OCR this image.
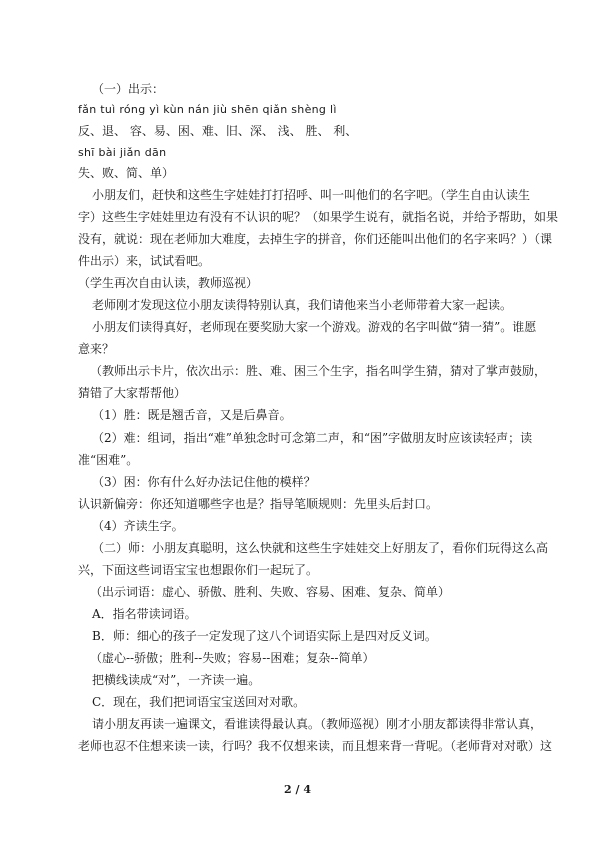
（一）出示：
fǎn tuì róng yì kùn nán jiù shēn qiǎn shèng lì
反、退、 容、易、困、难、旧、深、 浅、 胜、 利、
shī bài jiǎn dān
失、败、简、单）
小朋友们，赶快和这些生字娃娃打打招呼、叫一叫他们的名字吧。（学生自由认读生
字）这些生字娃娃里边有没有不认识的呢？（如果学生说有，就指名说，并给予帮助，如果
没有，就说：现在老师加大难度，去掉生字的拼音，你们还能叫出他们的名字来吗？）（课
件出示）来，试试看吧。
（学生再次自由认读，教师巡视）
老师刚才发现这位小朋友读得特别认真，我们请他来当小老师带着大家一起读。
小朋友们读得真好，老师现在要奖励大家一个游戏。游戏的名字叫做“猜一猜”。谁愿
意来？
（教师出示卡片，依次出示：胜、难、困三个生字，指名叫学生猜，猜对了掌声鼓励，
猜错了大家帮帮他）
（1）胜：既是翘舌音，又是后鼻音。
（2）难：组词，指出“难”单独念时可念第二声，和“困”字做朋友时应该读轻声；读
准“困难”。
（3）困：你有什么好办法记住他的模样？
认识新偏旁：你还知道哪些字也是？指导笔顺规则：先里头后封口。
（4）齐读生字。
（二）师：小朋友真聪明，这么快就和这些生字娃娃交上好朋友了，看你们玩得这么高
兴，下面这些词语宝宝也想跟你们一起玩了。
（出示词语：虚心、骄傲、胜利、失败、容易、困难、复杂、简单）
A．指名带读词语。
B．师：细心的孩子一定发现了这八个词语实际上是四对反义词。
（虚心--骄傲；胜利--失败；容易--困难；复杂--简单）
把横线读成“对”，一齐读一遍。
C．现在，我们把词语宝宝送回对对歌。
请小朋友再读一遍课文，看谁读得最认真。（教师巡视）刚才小朋友都读得非常认真，
老师也忍不住想来读一读，行吗？我不仅想来读，而且想来背一背呢。（老师背对对歌）这
2 / 4
